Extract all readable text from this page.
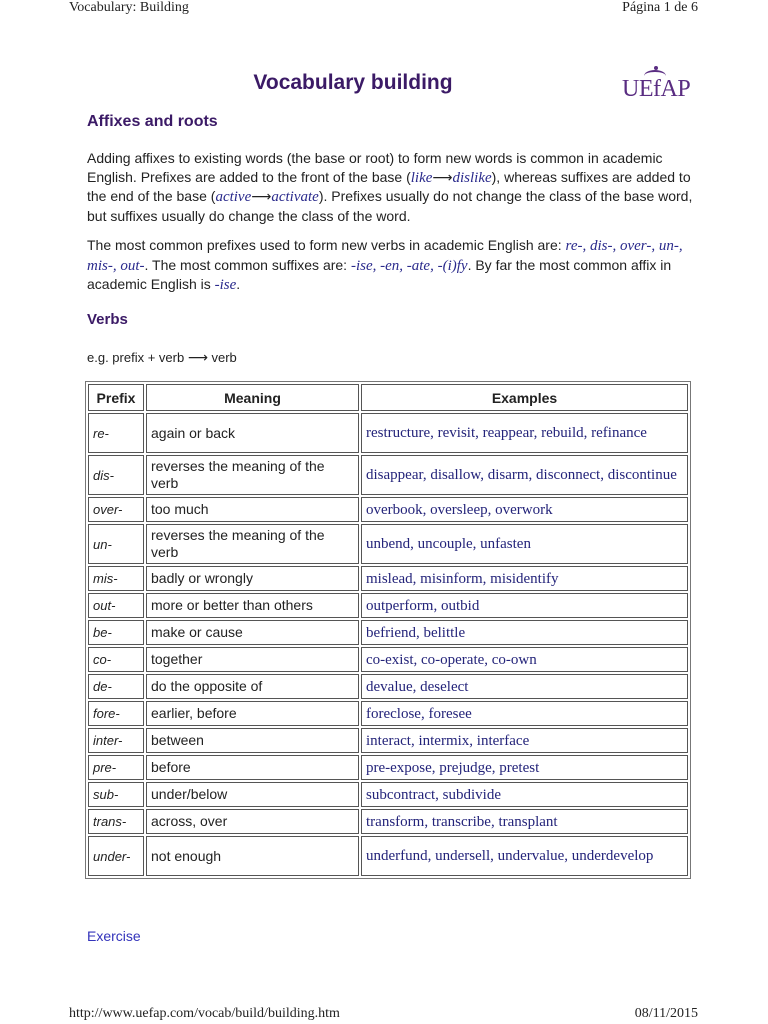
Vocabulary: Building	Página 1 de 6
Vocabulary building	UEfAP
Affixes and roots

Adding affixes to existing words (the base or root) to form new words is common in academic English. Prefixes are added to the front of the base (like⟶dislike), whereas suffixes are added to the end of the base (active⟶activate). Prefixes usually do not change the class of the base word, but suffixes usually do change the class of the word.

The most common prefixes used to form new verbs in academic English are: re-, dis-, over-, un-, mis-, out-. The most common suffixes are: -ise, -en, -ate, -(i)fy. By far the most common affix in academic English is -ise.

Verbs

e.g. prefix + verb ⟶ verb

Prefix	Meaning	Examples
re-	again or back	restructure, revisit, reappear, rebuild, refinance
dis-	reverses the meaning of the verb	disappear, disallow, disarm, disconnect, discontinue
over-	too much	overbook, oversleep, overwork
un-	reverses the meaning of the verb	unbend, uncouple, unfasten
mis-	badly or wrongly	mislead, misinform, misidentify
out-	more or better than others	outperform, outbid
be-	make or cause	befriend, belittle
co-	together	co-exist, co-operate, co-own
de-	do the opposite of	devalue, deselect
fore-	earlier, before	foreclose, foresee
inter-	between	interact, intermix, interface
pre-	before	pre-expose, prejudge, pretest
sub-	under/below	subcontract, subdivide
trans-	across, over	transform, transcribe, transplant
under-	not enough	underfund, undersell, undervalue, underdevelop
Exercise
http://www.uefap.com/vocab/build/building.htm	08/11/2015
